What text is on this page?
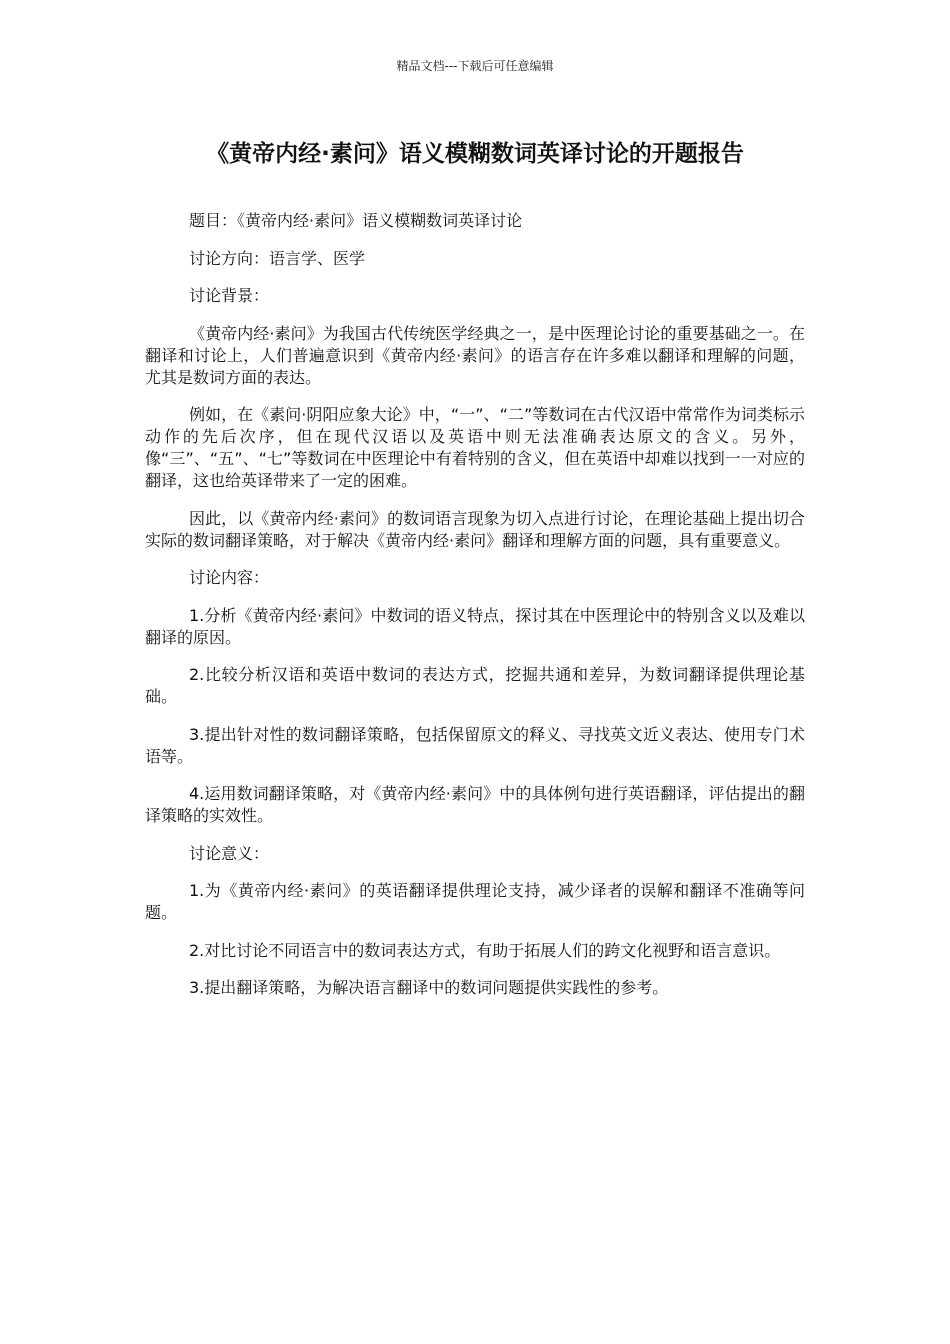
精品文档---下载后可任意编辑
《黄帝内经·素问》语义模糊数词英译讨论的开题报告

题目：《黄帝内经·素问》语义模糊数词英译讨论

讨论方向：语言学、医学

讨论背景：

《黄帝内经·素问》为我国古代传统医学经典之一，是中医理论讨论的重要基础之一。在翻译和讨论上，人们普遍意识到《黄帝内经·素问》的语言存在许多难以翻译和理解的问题，尤其是数词方面的表达。

例如，在《素问·阴阳应象大论》中，“一”、“二”等数词在古代汉语中常常作为词类标示动作的先后次序，但在现代汉语以及英语中则无法准确表达原文的含义。另外，像“三”、“五”、“七”等数词在中医理论中有着特别的含义，但在英语中却难以找到一一对应的翻译，这也给英译带来了一定的困难。

因此，以《黄帝内经·素问》的数词语言现象为切入点进行讨论，在理论基础上提出切合实际的数词翻译策略，对于解决《黄帝内经·素问》翻译和理解方面的问题，具有重要意义。

讨论内容：

1.分析《黄帝内经·素问》中数词的语义特点，探讨其在中医理论中的特别含义以及难以翻译的原因。

2.比较分析汉语和英语中数词的表达方式，挖掘共通和差异，为数词翻译提供理论基础。

3.提出针对性的数词翻译策略，包括保留原文的释义、寻找英文近义表达、使用专门术语等。

4.运用数词翻译策略，对《黄帝内经·素问》中的具体例句进行英语翻译，评估提出的翻译策略的实效性。

讨论意义：

1.为《黄帝内经·素问》的英语翻译提供理论支持，减少译者的误解和翻译不准确等问题。

2.对比讨论不同语言中的数词表达方式，有助于拓展人们的跨文化视野和语言意识。

3.提出翻译策略，为解决语言翻译中的数词问题提供实践性的参考。
